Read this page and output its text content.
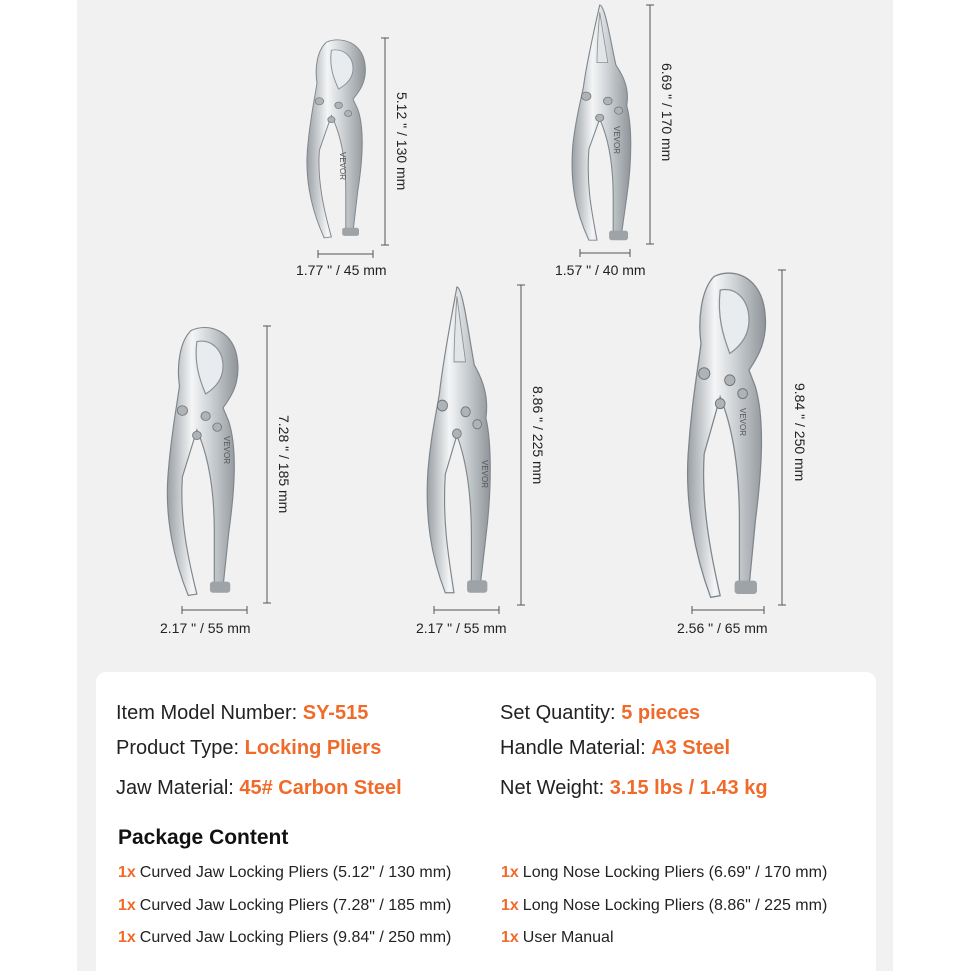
VEVOR
VEVOR
VEVOR
VEVOR
VEVOR
5.12 " / 130 mm	6.69 " / 170 mm
7.28 " / 185 mm	8.86 " / 225 mm	9.84 " / 250 mm
1.77 " / 45 mm	1.57 " / 40 mm
2.17 " / 55 mm	2.17 " / 55 mm	2.56 " / 65 mm
Item Model Number: SY-515	Set Quantity: 5 pieces
Product Type: Locking Pliers	Handle Material: A3 Steel
Jaw Material: 45# Carbon Steel	Net Weight: 3.15 lbs / 1.43 kg
Package Content
1x Curved Jaw Locking Pliers (5.12" / 130 mm)	1x Long Nose Locking Pliers (6.69" / 170 mm)
1x Curved Jaw Locking Pliers (7.28" / 185 mm)	1x Long Nose Locking Pliers (8.86" / 225 mm)
1x Curved Jaw Locking Pliers (9.84" / 250 mm)	1x User Manual
